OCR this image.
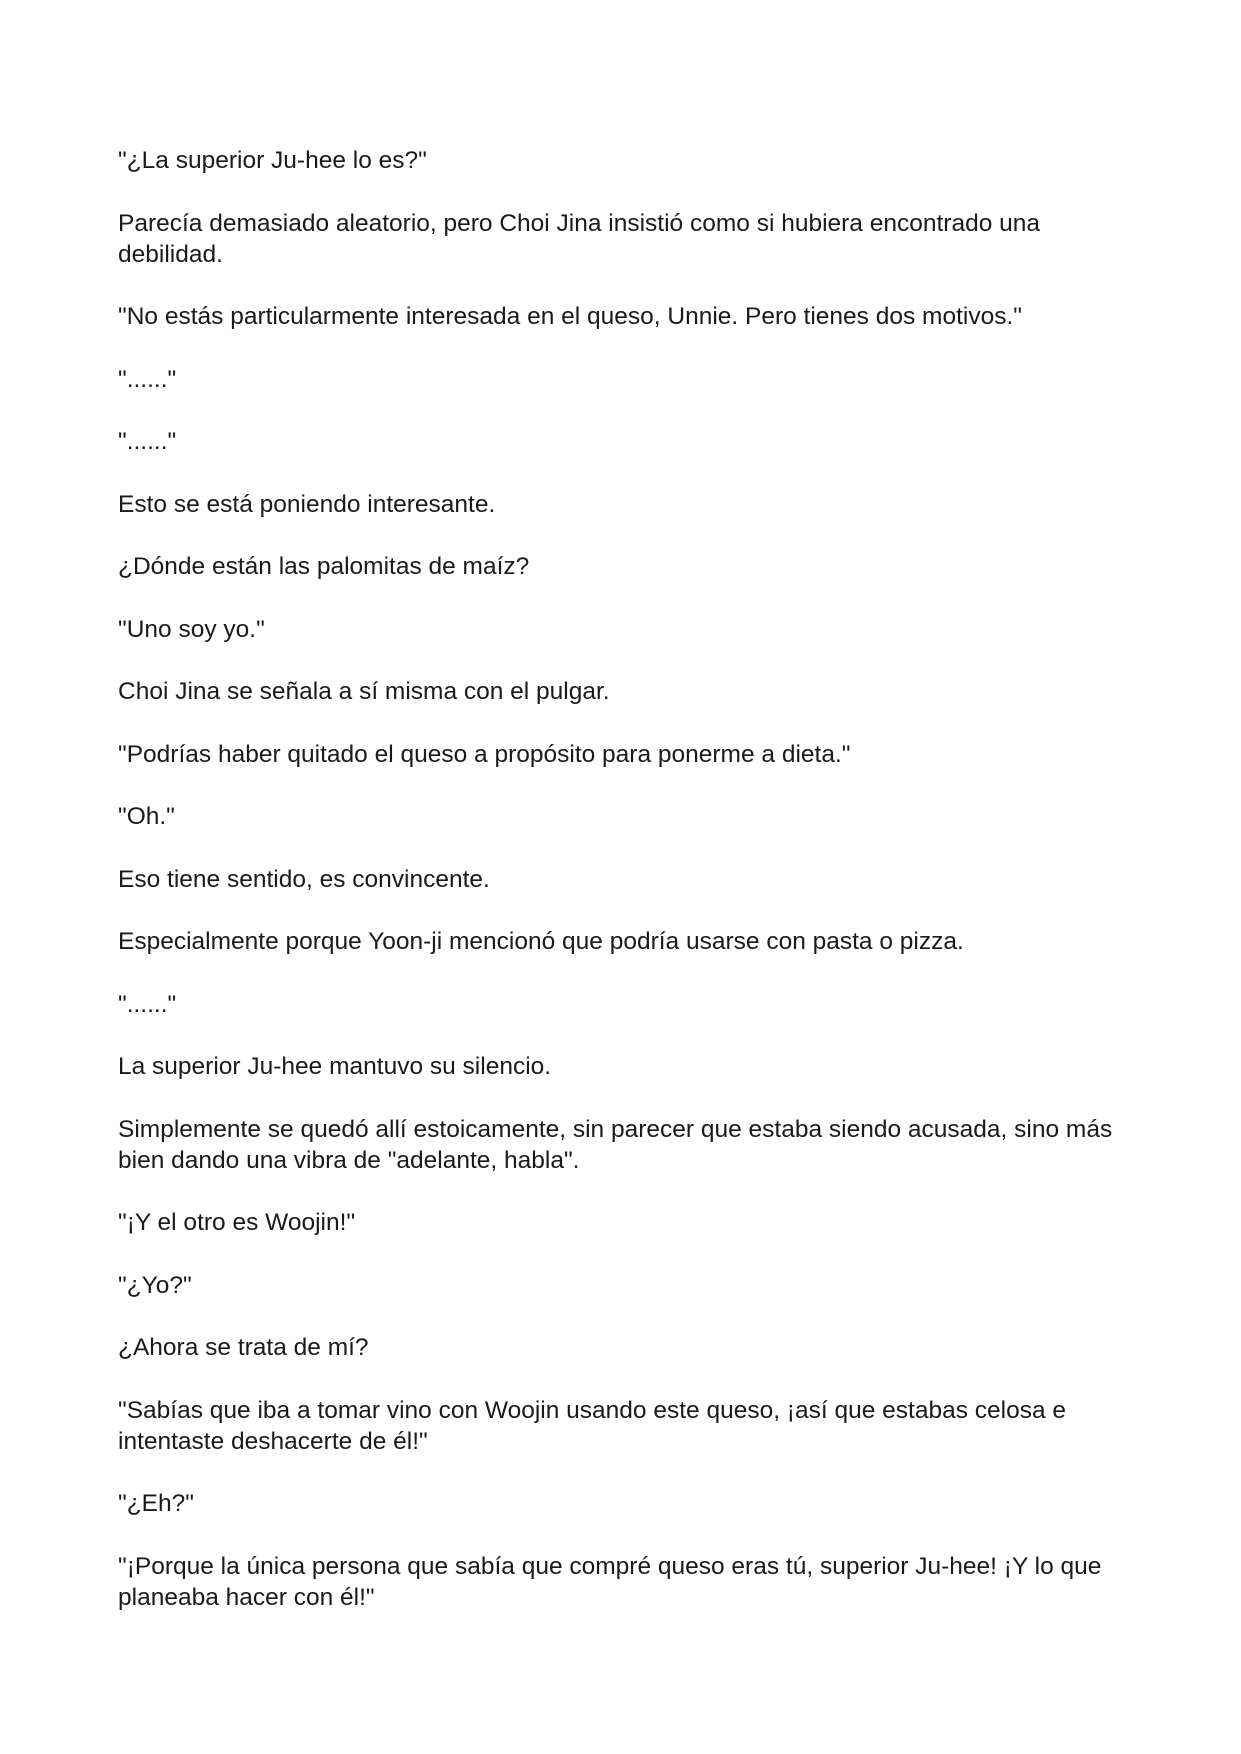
"¿La superior Ju-hee lo es?"

Parecía demasiado aleatorio, pero Choi Jina insistió como si hubiera encontrado una debilidad.

"No estás particularmente interesada en el queso, Unnie. Pero tienes dos motivos."

"......"

"......"

Esto se está poniendo interesante.

¿Dónde están las palomitas de maíz?

"Uno soy yo."

Choi Jina se señala a sí misma con el pulgar.

"Podrías haber quitado el queso a propósito para ponerme a dieta."

"Oh."

Eso tiene sentido, es convincente.

Especialmente porque Yoon-ji mencionó que podría usarse con pasta o pizza.

"......"

La superior Ju-hee mantuvo su silencio.

Simplemente se quedó allí estoicamente, sin parecer que estaba siendo acusada, sino más bien dando una vibra de "adelante, habla".

"¡Y el otro es Woojin!"

"¿Yo?"

¿Ahora se trata de mí?

"Sabías que iba a tomar vino con Woojin usando este queso, ¡así que estabas celosa e intentaste deshacerte de él!"

"¿Eh?"

"¡Porque la única persona que sabía que compré queso eras tú, superior Ju-hee! ¡Y lo que planeaba hacer con él!"
